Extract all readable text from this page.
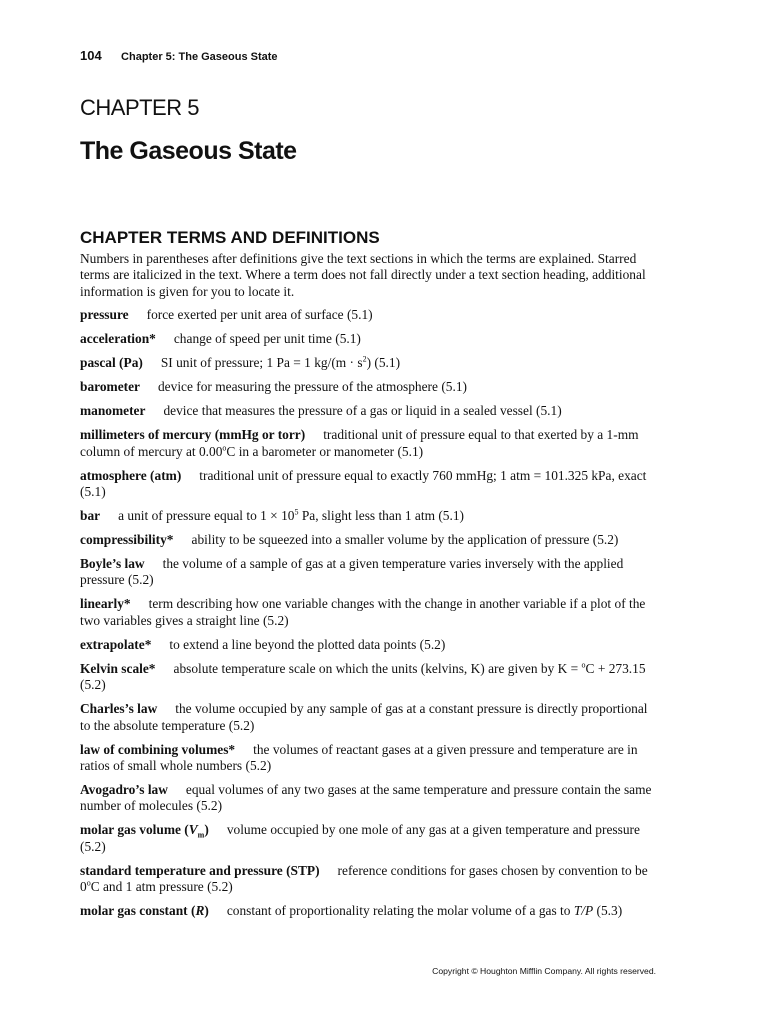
104 Chapter 5: The Gaseous State
CHAPTER 5
The Gaseous State
CHAPTER TERMS AND DEFINITIONS

Numbers in parentheses after definitions give the text sections in which the terms are explained. Starred terms are italicized in the text. Where a term does not fall directly under a text section heading, additional information is given for you to locate it.

pressure force exerted per unit area of surface (5.1)

acceleration* change of speed per unit time (5.1)

pascal (Pa) SI unit of pressure; 1 Pa = 1 $kg/(m \cdot s^2)$ (5.1)

barometer device for measuring the pressure of the atmosphere (5.1)

manometer device that measures the pressure of a gas or liquid in a sealed vessel (5.1)

millimeters of mercury (mmHg or torr) traditional unit of pressure equal to that exerted by a 1-mm column of mercury at 0.00$^o$C in a barometer or manometer (5.1)

atmosphere (atm) traditional unit of pressure equal to exactly 760 mmHg; 1 atm = 101.325 kPa, exact (5.1)

bar a unit of pressure equal to $1 \times 10^5$ Pa, slight less than 1 atm (5.1)

compressibility* ability to be squeezed into a smaller volume by the application of pressure (5.2)

Boyle’s law the volume of a sample of gas at a given temperature varies inversely with the applied pressure (5.2)

linearly* term describing how one variable changes with the change in another variable if a plot of the two variables gives a straight line (5.2)

extrapolate* to extend a line beyond the plotted data points (5.2)

Kelvin scale* absolute temperature scale on which the units (kelvins, K) are given by K = $^o$C + 273.15 (5.2)

Charles’s law the volume occupied by any sample of gas at a constant pressure is directly proportional to the absolute temperature (5.2)

law of combining volumes* the volumes of reactant gases at a given pressure and temperature are in ratios of small whole numbers (5.2)

Avogadro’s law equal volumes of any two gases at the same temperature and pressure contain the same number of molecules (5.2)

molar gas volume $(V_m)$ volume occupied by one mole of any gas at a given temperature and pressure (5.2)

standard temperature and pressure (STP) reference conditions for gases chosen by convention to be 0$^o$C and 1 atm pressure (5.2)

molar gas constant (R) constant of proportionality relating the molar volume of a gas to T/P (5.3)

Copyright © Houghton Mifflin Company. All rights reserved.
